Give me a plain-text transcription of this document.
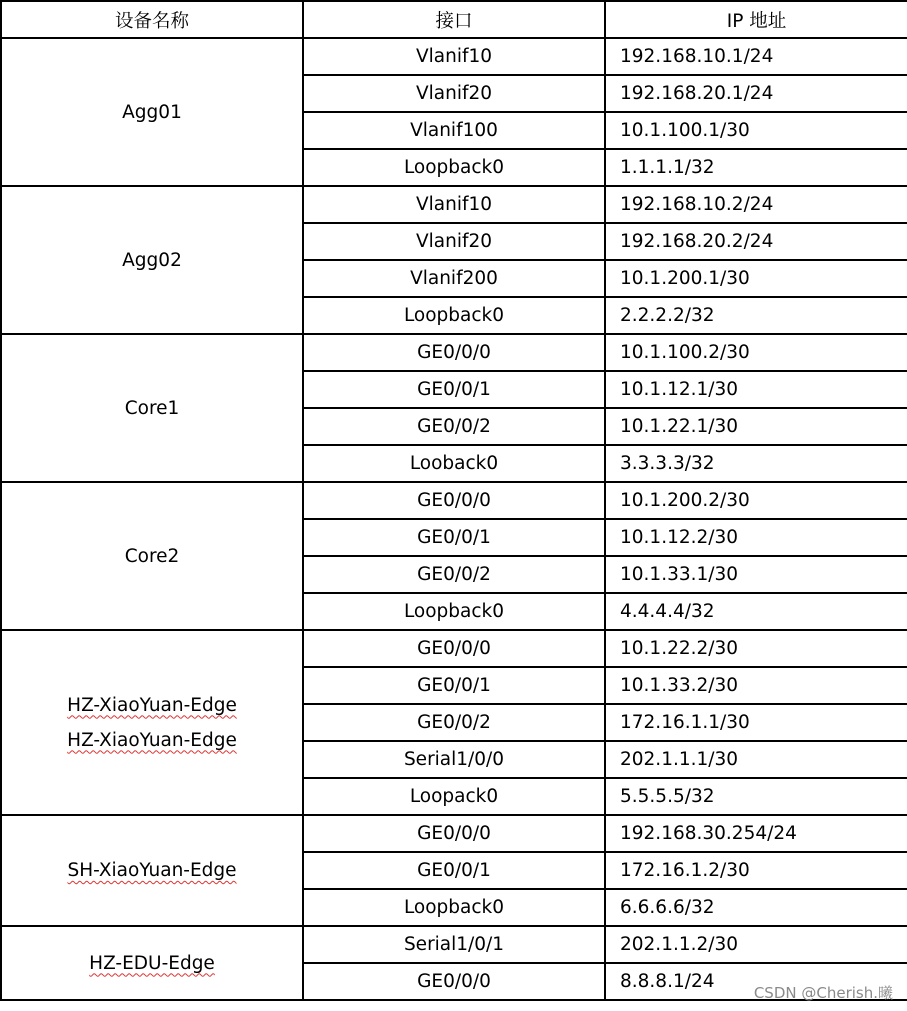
设备名称	接口	IP 地址
Agg01	Vlanif10	192.168.10.1/24
	Vlanif20	192.168.20.1/24
	Vlanif100	10.1.100.1/30
	Loopback0	1.1.1.1/32
Agg02	Vlanif10	192.168.10.2/24
	Vlanif20	192.168.20.2/24
	Vlanif200	10.1.200.1/30
	Loopback0	2.2.2.2/32
Core1	GE0/0/0	10.1.100.2/30
	GE0/0/1	10.1.12.1/30
	GE0/0/2	10.1.22.1/30
	Looback0	3.3.3.3/32
Core2	GE0/0/0	10.1.200.2/30
	GE0/0/1	10.1.12.2/30
	GE0/0/2	10.1.33.1/30
	Loopback0	4.4.4.4/32

HZ-XiaoYuan-Edge
HZ-XiaoYuan-Edge	GE0/0/0	10.1.22.2/30
	GE0/0/1	10.1.33.2/30
	GE0/0/2	172.16.1.1/30
	Serial1/0/0	202.1.1.1/30
	Loopack0	5.5.5.5/32
SH-XiaoYuan-Edge	GE0/0/0	192.168.30.254/24
	GE0/0/1	172.16.1.2/30
	Loopback0	6.6.6.6/32
HZ-EDU-Edge	Serial1/0/1	202.1.1.2/30
	GE0/0/0	8.8.8.1/24
CSDN @Cherish.曦
